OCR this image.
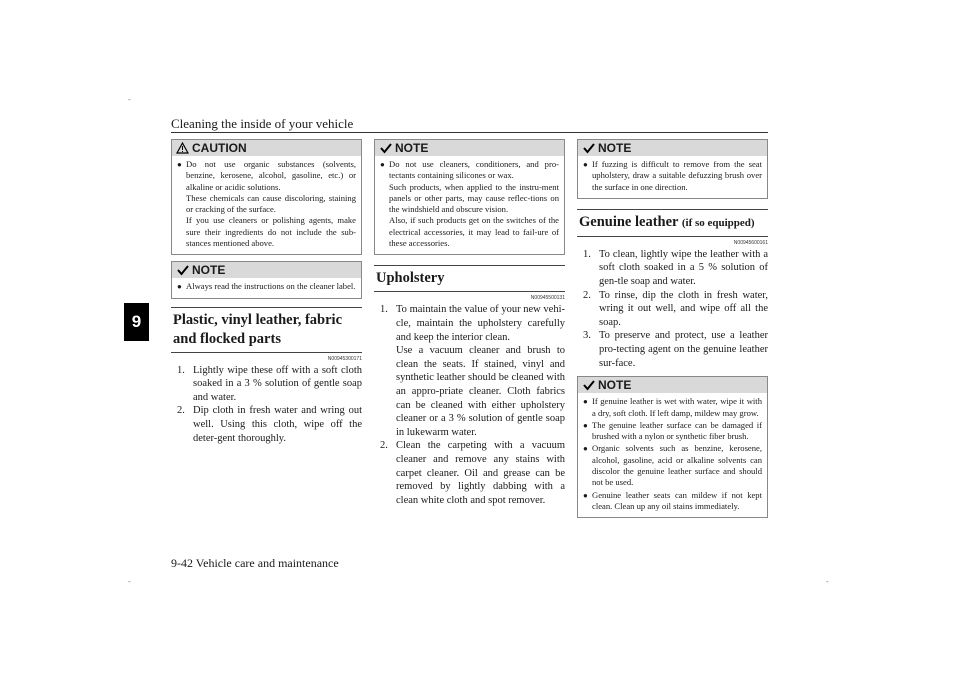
Cleaning the inside of your vehicle
9
9-42 Vehicle care and maintenance
-
-	-
CAUTION
● Do not use organic substances (solvents, benzine, kerosene, alcohol, gasoline, etc.) or alkaline or acidic solutions.

These chemicals can cause discoloring, staining or cracking of the surface.

If you use cleaners or polishing agents, make sure their ingredients do not include the sub-stances mentioned above.

NOTE
● Always read the instructions on the cleaner label.

Plastic, vinyl leather, fabric and flocked parts
N00945300171
1. Lightly wipe these off with a soft cloth soaked in a 3 % solution of gentle soap and water.

2. Dip cloth in fresh water and wring out well. Using this cloth, wipe off the deter-gent thoroughly.

NOTE
● Do not use cleaners, conditioners, and pro-tectants containing silicones or wax.

Such products, when applied to the instru-ment panels or other parts, may cause reflec-tions on the windshield and obscure vision.

Also, if such products get on the switches of the electrical accessories, it may lead to fail-ure of these accessories.

Upholstery
N00945500131
1. To maintain the value of your new vehi-cle, maintain the upholstery carefully and keep the interior clean.

Use a vacuum cleaner and brush to clean the seats. If stained, vinyl and synthetic leather should be cleaned with an appro-priate cleaner. Cloth fabrics can be cleaned with either upholstery cleaner or a 3 % solution of gentle soap in lukewarm water.

2. Clean the carpeting with a vacuum cleaner and remove any stains with carpet cleaner. Oil and grease can be removed by lightly dabbing with a clean white cloth and spot remover.

NOTE
● If fuzzing is difficult to remove from the seat upholstery, draw a suitable defuzzing brush over the surface in one direction.

Genuine leather (if so equipped)
N00945600161
1. To clean, lightly wipe the leather with a soft cloth soaked in a 5 % solution of gen-tle soap and water.

2. To rinse, dip the cloth in fresh water, wring it out well, and wipe off all the soap.

3. To preserve and protect, use a leather pro-tecting agent on the genuine leather sur-face.

NOTE
● If genuine leather is wet with water, wipe it with a dry, soft cloth. If left damp, mildew may grow.

● The genuine leather surface can be damaged if brushed with a nylon or synthetic fiber brush.

● Organic solvents such as benzine, kerosene, alcohol, gasoline, acid or alkaline solvents can discolor the genuine leather surface and should not be used.

● Genuine leather seats can mildew if not kept clean. Clean up any oil stains immediately.
